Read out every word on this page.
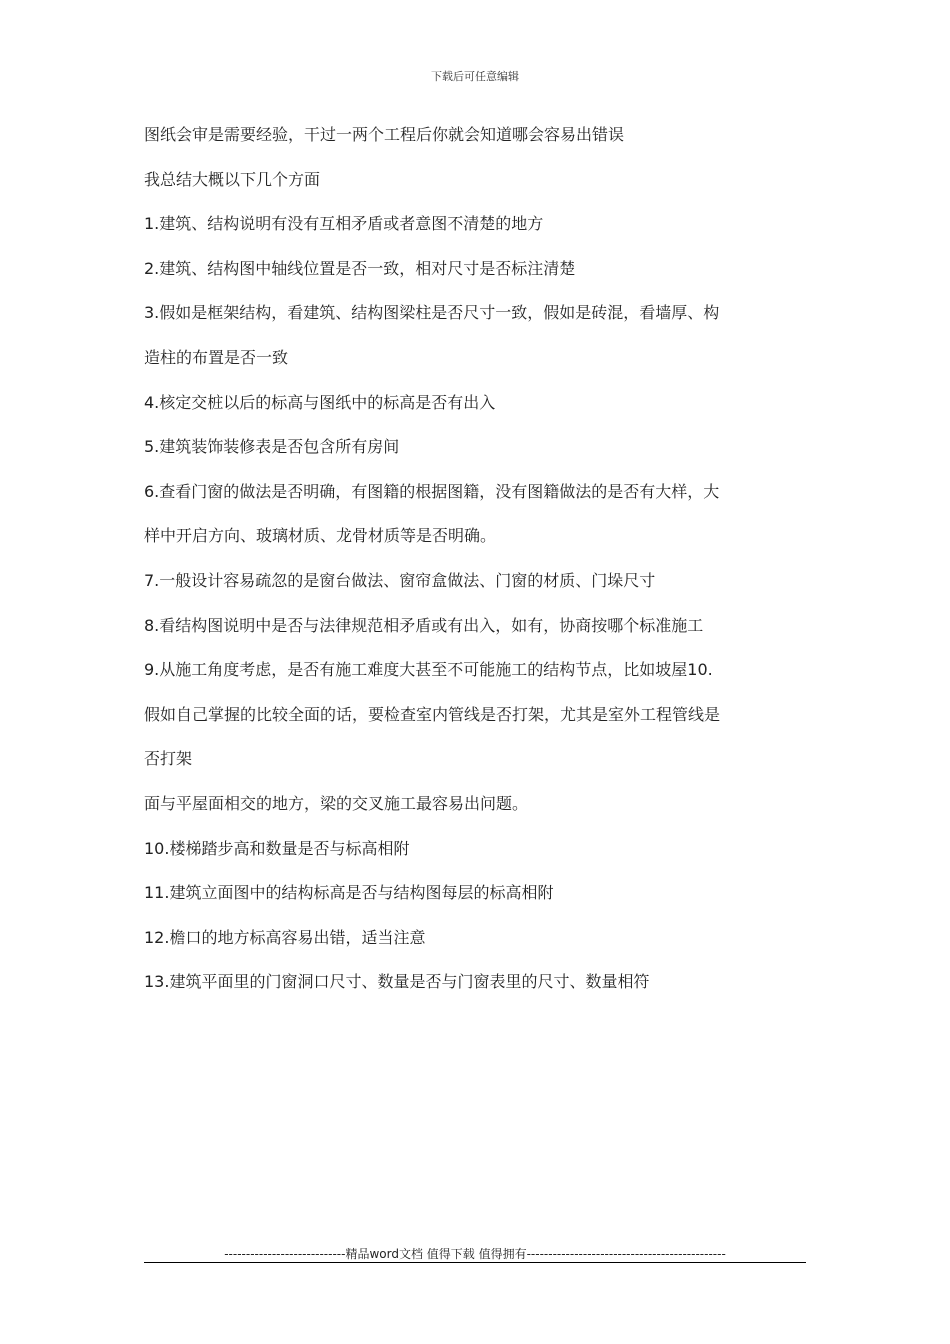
下载后可任意编辑
图纸会审是需要经验，干过一两个工程后你就会知道哪会容易出错误
我总结大概以下几个方面
1.建筑、结构说明有没有互相矛盾或者意图不清楚的地方
2.建筑、结构图中轴线位置是否一致，相对尺寸是否标注清楚
3.假如是框架结构，看建筑、结构图梁柱是否尺寸一致，假如是砖混，看墙厚、构
造柱的布置是否一致
4.核定交桩以后的标高与图纸中的标高是否有出入
5.建筑装饰装修表是否包含所有房间
6.查看门窗的做法是否明确，有图籍的根据图籍，没有图籍做法的是否有大样，大
样中开启方向、玻璃材质、龙骨材质等是否明确。
7.一般设计容易疏忽的是窗台做法、窗帘盒做法、门窗的材质、门垛尺寸
8.看结构图说明中是否与法律规范相矛盾或有出入，如有，协商按哪个标准施工
9.从施工角度考虑，是否有施工难度大甚至不可能施工的结构节点，比如坡屋10.
假如自己掌握的比较全面的话，要检查室内管线是否打架，尤其是室外工程管线是
否打架
面与平屋面相交的地方，梁的交叉施工最容易出问题。
10.楼梯踏步高和数量是否与标高相附
11.建筑立面图中的结构标高是否与结构图每层的标高相附
12.檐口的地方标高容易出错，适当注意
13.建筑平面里的门窗洞口尺寸、数量是否与门窗表里的尺寸、数量相符
----------------------------精品word文档 值得下载 值得拥有----------------------------------------------
